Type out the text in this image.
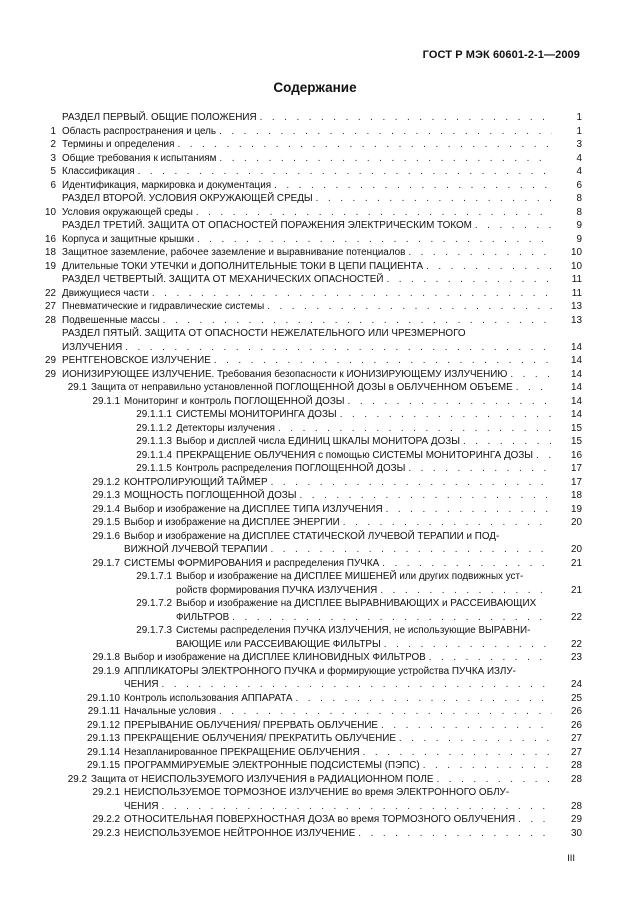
ГОСТ Р МЭК 60601-2-1—2009
Содержание
РАЗДЕЛ ПЕРВЫЙ. ОБЩИЕ ПОЛОЖЕНИЯ . . .	1
1 Область распространения и цель . . .	1
2 Термины и определения . . .	3
3 Общие требования к испытаниям . . .	4
5 Классификация . . .	4
6 Идентификация, маркировка и документация . . .	6
РАЗДЕЛ ВТОРОЙ. УСЛОВИЯ ОКРУЖАЮЩЕЙ СРЕДЫ . . .	8
10 Условия окружающей среды . . .	8
РАЗДЕЛ ТРЕТИЙ. ЗАЩИТА ОТ ОПАСНОСТЕЙ ПОРАЖЕНИЯ ЭЛЕКТРИЧЕСКИМ ТОКОМ . . .	9
16 Корпуса и защитные крышки . . .	9
18 Защитное заземление, рабочее заземление и выравнивание потенциалов . . .	10
19 Длительные ТОКИ УТЕЧКИ и ДОПОЛНИТЕЛЬНЫЕ ТОКИ В ЦЕПИ ПАЦИЕНТА . . .	10
РАЗДЕЛ ЧЕТВЕРТЫЙ. ЗАЩИТА ОТ МЕХАНИЧЕСКИХ ОПАСНОСТЕЙ . . .	11
22 Движущиеся части . . .	11
27 Пневматические и гидравлические системы . . .	13
28 Подвешенные массы . . .	13
РАЗДЕЛ ПЯТЫЙ. ЗАЩИТА ОТ ОПАСНОСТИ НЕЖЕЛАТЕЛЬНОГО ИЛИ ЧРЕЗМЕРНОГО
ИЗЛУЧЕНИЯ . . .	14
29 РЕНТГЕНОВСКОЕ ИЗЛУЧЕНИЕ . . .	14
29 ИОНИЗИРУЮЩЕЕ ИЗЛУЧЕНИЕ. Требования безопасности к ИОНИЗИРУЮЩЕМУ ИЗЛУЧЕНИЮ . . .	14
29.1 Защита от неправильно установленной ПОГЛОЩЕННОЙ ДОЗЫ в ОБЛУЧЕННОМ ОБЪЕМЕ . . .	14
29.1.1 Мониторинг и контроль ПОГЛОЩЕННОЙ ДОЗЫ . . .	14
29.1.1.1 СИСТЕМЫ МОНИТОРИНГА ДОЗЫ . . .	14
29.1.1.2 Детекторы излучения . . .	15
29.1.1.3 Выбор и дисплей числа ЕДИНИЦ ШКАЛЫ МОНИТОРА ДОЗЫ . . .	15
29.1.1.4 ПРЕКРАЩЕНИЕ ОБЛУЧЕНИЯ с помощью СИСТЕМЫ МОНИТОРИНГА ДОЗЫ . . .	16
29.1.1.5 Контроль распределения ПОГЛОЩЕННОЙ ДОЗЫ . . .	17
29.1.2 КОНТРОЛИРУЮЩИЙ ТАЙМЕР . . .	17
29.1.3 МОЩНОСТЬ ПОГЛОЩЕННОЙ ДОЗЫ . . .	18
29.1.4 Выбор и изображение на ДИСПЛЕЕ ТИПА ИЗЛУЧЕНИЯ . . .	19
29.1.5 Выбор и изображение на ДИСПЛЕЕ ЭНЕРГИИ . . .	20
29.1.6 Выбор и изображение на ДИСПЛЕЕ СТАТИЧЕСКОЙ ЛУЧЕВОЙ ТЕРАПИИ и ПОД-
ВИЖНОЙ ЛУЧЕВОЙ ТЕРАПИИ . . .	20
29.1.7 СИСТЕМЫ ФОРМИРОВАНИЯ и распределения ПУЧКА . . .	21
29.1.7.1 Выбор и изображение на ДИСПЛЕЕ МИШЕНЕЙ или других подвижных уст-
ройств формирования ПУЧКА ИЗЛУЧЕНИЯ . . .	21
29.1.7.2 Выбор и изображение на ДИСПЛЕЕ ВЫРАВНИВАЮЩИХ и РАССЕИВАЮЩИХ
ФИЛЬТРОВ . . .	22
29.1.7.3 Системы распределения ПУЧКА ИЗЛУЧЕНИЯ, не использующие ВЫРАВНИ-
ВАЮЩИЕ или РАССЕИВАЮЩИЕ ФИЛЬТРЫ . . .	22
29.1.8 Выбор и изображение на ДИСПЛЕЕ КЛИНОВИДНЫХ ФИЛЬТРОВ . . .	23
29.1.9 АППЛИКАТОРЫ ЭЛЕКТРОННОГО ПУЧКА и формирующие устройства ПУЧКА ИЗЛУ-
ЧЕНИЯ . . .	24
29.1.10 Контроль использования АППАРАТА . . .	25
29.1.11 Начальные условия . . .	26
29.1.12 ПРЕРЫВАНИЕ ОБЛУЧЕНИЯ/ ПРЕРВАТЬ ОБЛУЧЕНИЕ . . .	26
29.1.13 ПРЕКРАЩЕНИЕ ОБЛУЧЕНИЯ/ ПРЕКРАТИТЬ ОБЛУЧЕНИЕ . . .	27
29.1.14 Незапланированное ПРЕКРАЩЕНИЕ ОБЛУЧЕНИЯ . . .	27
29.1.15 ПРОГРАММИРУЕМЫЕ ЭЛЕКТРОННЫЕ ПОДСИСТЕМЫ (ПЭПС) . . .	28
29.2 Защита от НЕИСПОЛЬЗУЕМОГО ИЗЛУЧЕНИЯ в РАДИАЦИОННОМ ПОЛЕ . . .	28
29.2.1 НЕИСПОЛЬЗУЕМОЕ ТОРМОЗНОЕ ИЗЛУЧЕНИЕ во время ЭЛЕКТРОННОГО ОБЛУ-
ЧЕНИЯ . . .	28
29.2.2 ОТНОСИТЕЛЬНАЯ ПОВЕРХНОСТНАЯ ДОЗА во время ТОРМОЗНОГО ОБЛУЧЕНИЯ . . .	29
29.2.3 НЕИСПОЛЬЗУЕМОЕ НЕЙТРОННОЕ ИЗЛУЧЕНИЕ . . .	30
III
